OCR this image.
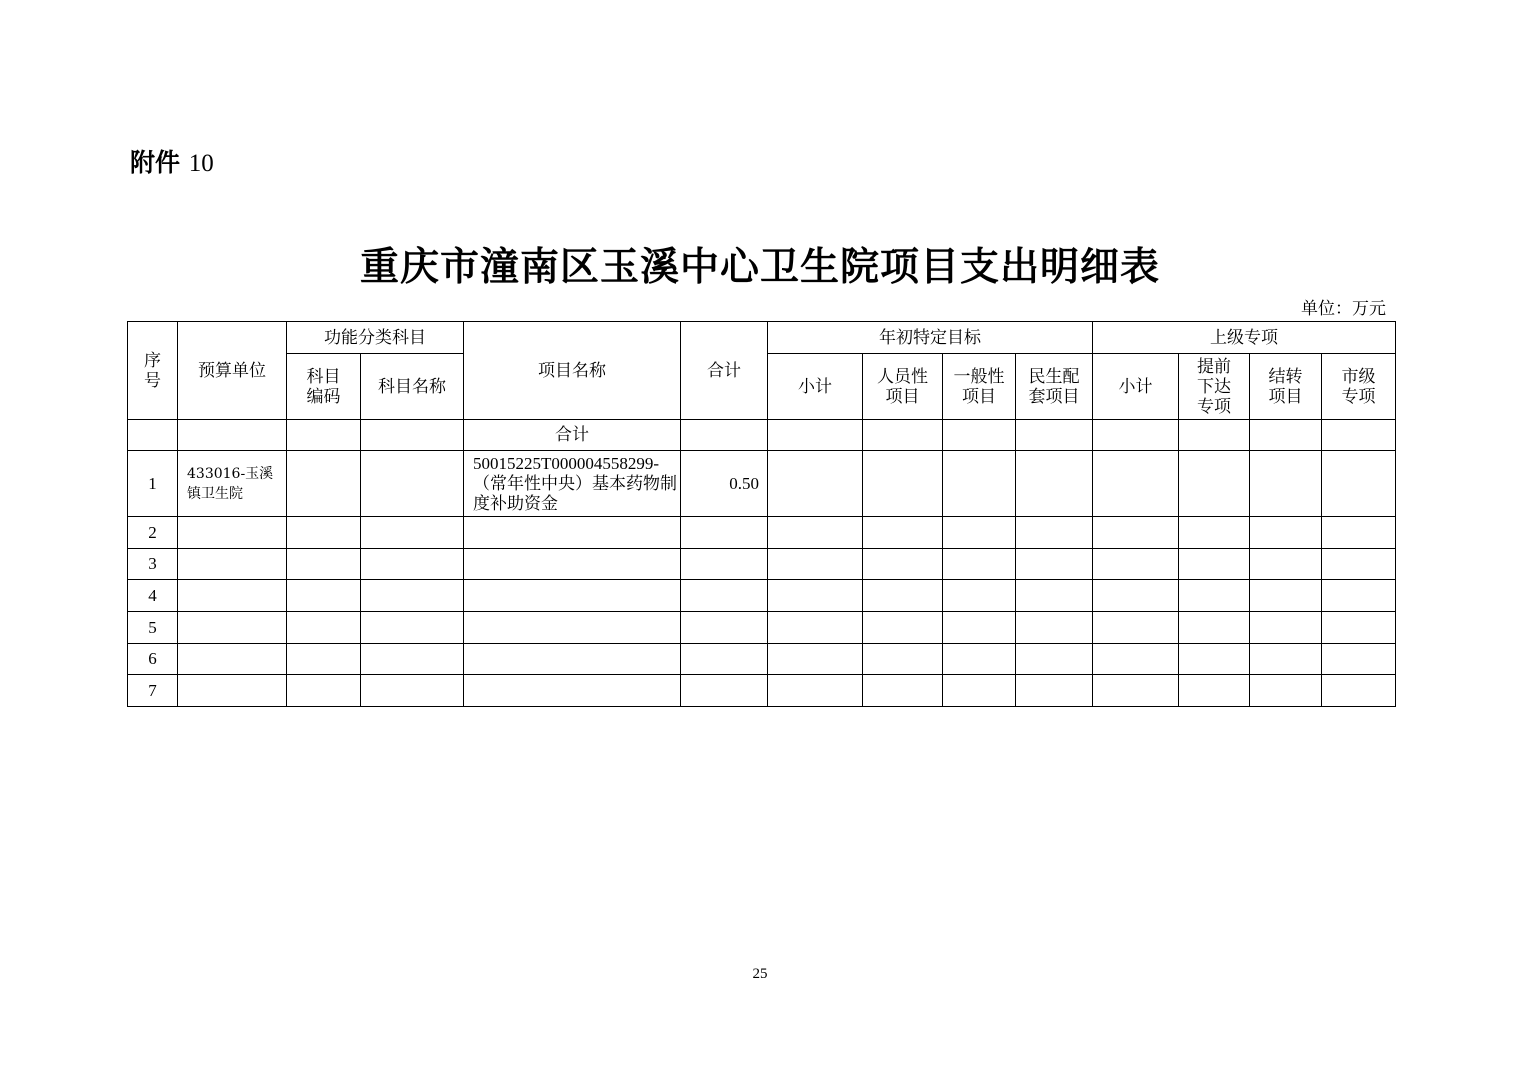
附件 10
重庆市潼南区玉溪中心卫生院项目支出明细表
单位：万元
序号	预算单位	功能分类科目		项目名称	合计	年初特定目标				上级专项			
		科目编码	科目名称			小计	人员性项目	一般性项目	民生配套项目	小计	提前下达专项	结转项目	市级专项
				合计									
1	433016-玉溪镇卫生院			50015225T000004558299-（常年性中央）基本药物制度补助资金	0.50								
2													
3													
4													
5													
6													
7													
25
